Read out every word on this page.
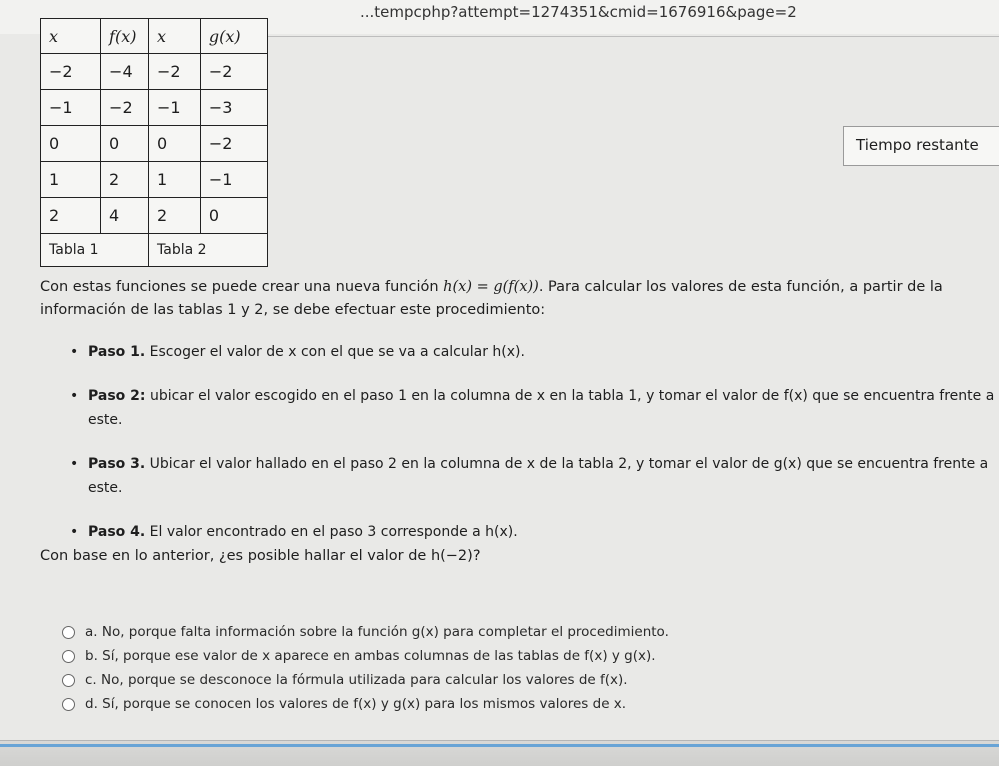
...tempcphp?attempt=1274351&cmid=1676916&page=2
x	f(x)	
−2	−4	
−1	−2	
0	0	
1	2	
2	4	
Tabla 1		
x	g(x)
−2	−2
−1	−3
0	−2
1	−1
2	0
Tabla 2	
Tiempo restante
Con estas funciones se puede crear una nueva función h(x) = g(f(x)). Para calcular los valores de esta función, a partir de la información de las tablas 1 y 2, se debe efectuar este procedimiento:
• Paso 1. Escoger el valor de x con el que se va a calcular h(x).
• Paso 2: ubicar el valor escogido en el paso 1 en la columna de x en la tabla 1, y tomar el valor de f(x) que se encuentra frente a este.
• Paso 3. Ubicar el valor hallado en el paso 2 en la columna de x de la tabla 2, y tomar el valor de g(x) que se encuentra frente a este.
• Paso 4. El valor encontrado en el paso 3 corresponde a h(x).
Con base en lo anterior, ¿es posible hallar el valor de h(−2)?
a. No, porque falta información sobre la función g(x) para completar el procedimiento.
b. Sí, porque ese valor de x aparece en ambas columnas de las tablas de f(x) y g(x).
c. No, porque se desconoce la fórmula utilizada para calcular los valores de f(x).
d. Sí, porque se conocen los valores de f(x) y g(x) para los mismos valores de x.
